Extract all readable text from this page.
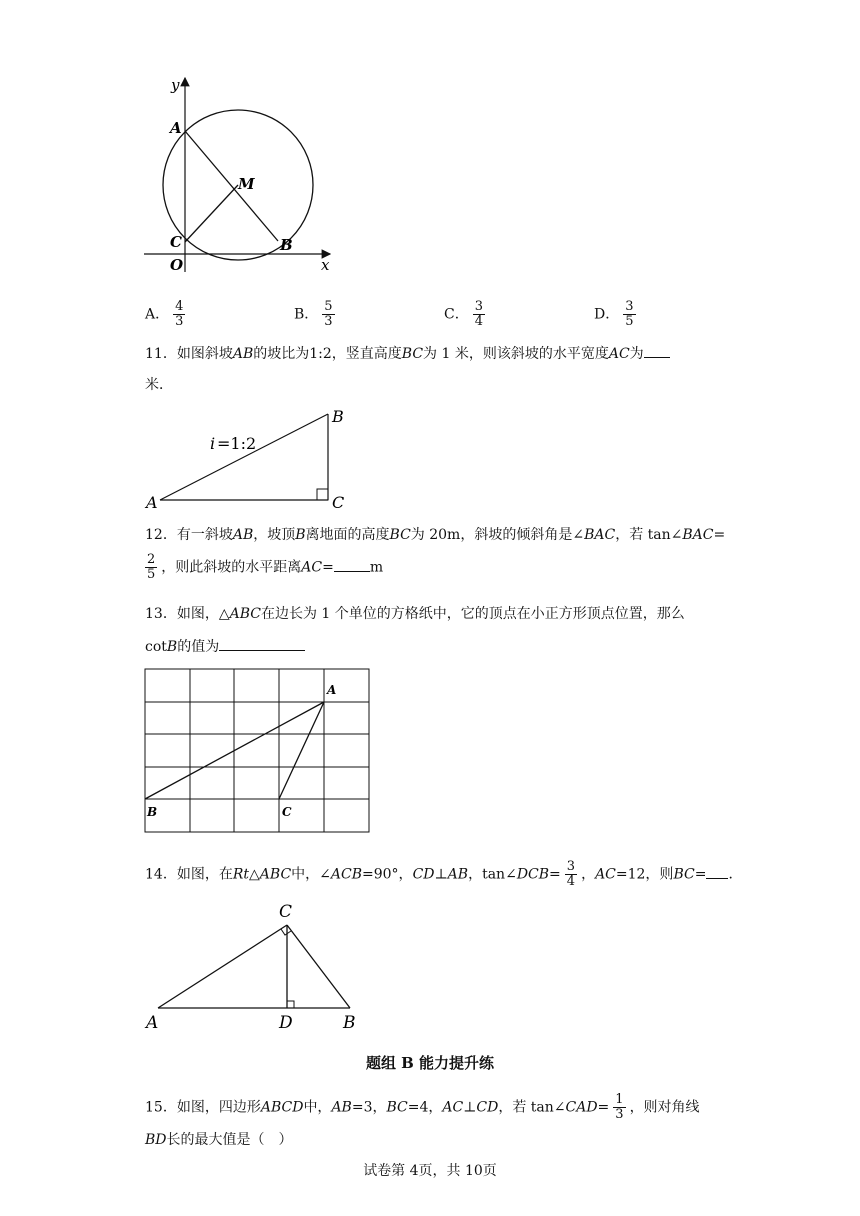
y
A
M
C
O
B
x
A． $\frac{4}{3}$	B． $\frac{5}{3}$	C． $\frac{3}{4}$	D． $\frac{3}{5}$
11．如图斜坡AB的坡比为1:2，竖直高度BC为 1 米，则该斜坡的水平宽度AC为
米．
i =1:2
A
B
C
12．有一斜坡AB，坡顶B离地面的高度BC为 20m，斜坡的倾斜角是∠BAC，若 tan∠BAC=
$\frac{2}{5}$ ，则此斜坡的水平距离AC=	m
13．如图，△ABC在边长为 1 个单位的方格纸中，它的顶点在小正方形顶点位置，那么
cotB的值为
A
B	C
14．如图，在Rt△ABC中，∠ACB=90°，CD⊥AB，tan∠DCB= $\frac{3}{4}$ ，AC=12，则BC= ．
C
A	D	B
题组 B 能力提升练
15．如图，四边形ABCD中，AB=3，BC=4，AC⊥CD，若 tan∠CAD= $\frac{1}{3}$ ，则对角线
BD长的最大值是（　）
试卷第 4页，共 10页
